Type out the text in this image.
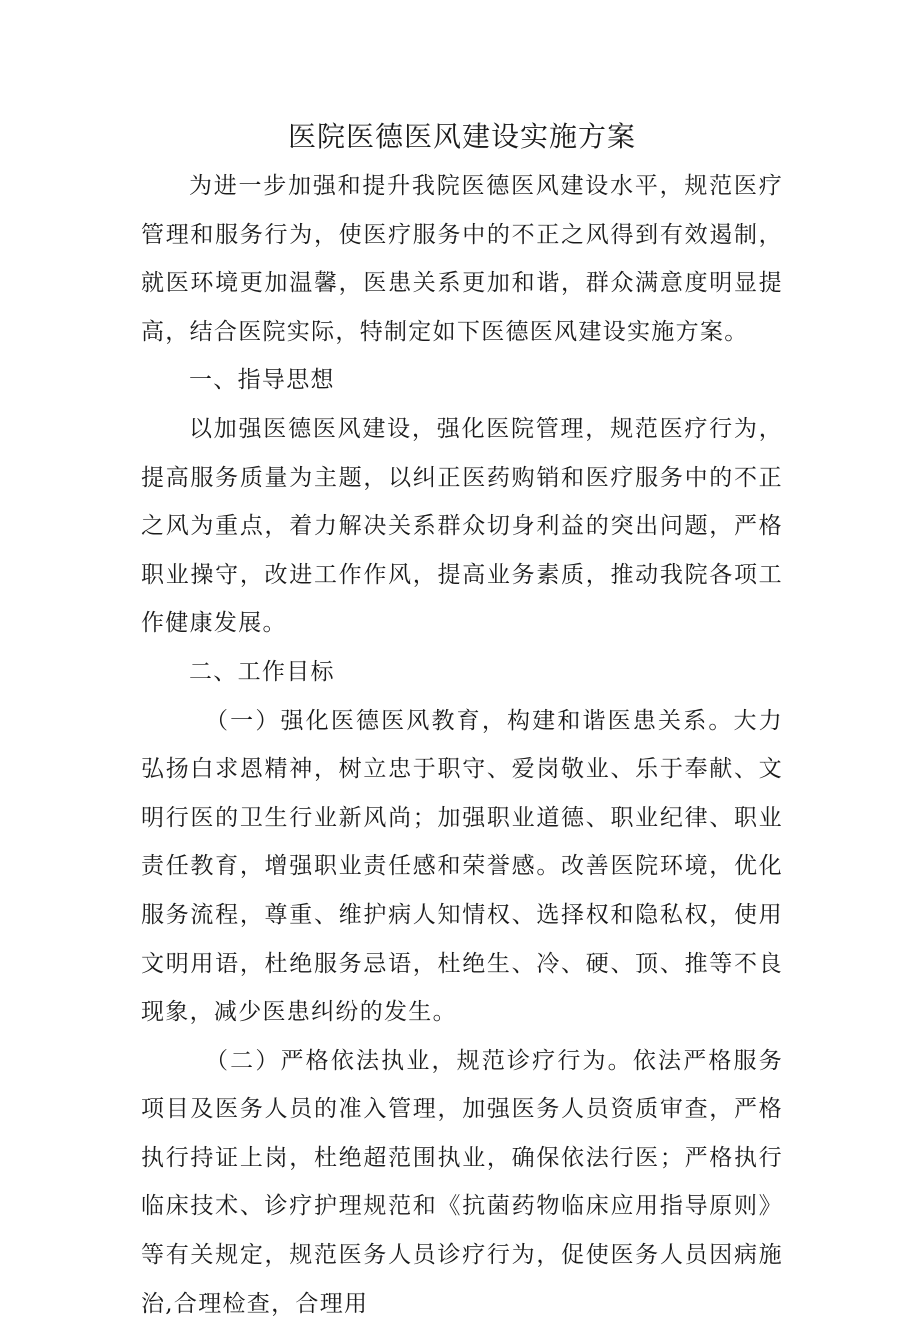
医院医德医风建设实施方案

为进一步加强和提升我院医德医风建设水平，规范医疗管理和服务行为，使医疗服务中的不正之风得到有效遏制，就医环境更加温馨，医患关系更加和谐，群众满意度明显提高，结合医院实际，特制定如下医德医风建设实施方案。

一、指导思想

以加强医德医风建设，强化医院管理，规范医疗行为，提高服务质量为主题，以纠正医药购销和医疗服务中的不正之风为重点，着力解决关系群众切身利益的突出问题，严格职业操守，改进工作作风，提高业务素质，推动我院各项工作健康发展。

二、工作目标

（一）强化医德医风教育，构建和谐医患关系。大力弘扬白求恩精神，树立忠于职守、爱岗敬业、乐于奉献、文明行医的卫生行业新风尚；加强职业道德、职业纪律、职业责任教育，增强职业责任感和荣誉感。改善医院环境，优化服务流程，尊重、维护病人知情权、选择权和隐私权，使用文明用语，杜绝服务忌语，杜绝生、冷、硬、顶、推等不良现象，减少医患纠纷的发生。

（二）严格依法执业，规范诊疗行为。依法严格服务项目及医务人员的准入管理，加强医务人员资质审查，严格执行持证上岗，杜绝超范围执业，确保依法行医；严格执行临床技术、诊疗护理规范和《抗菌药物临床应用指导原则》等有关规定，规范医务人员诊疗行为，促使医务人员因病施治,合理检查，合理用
